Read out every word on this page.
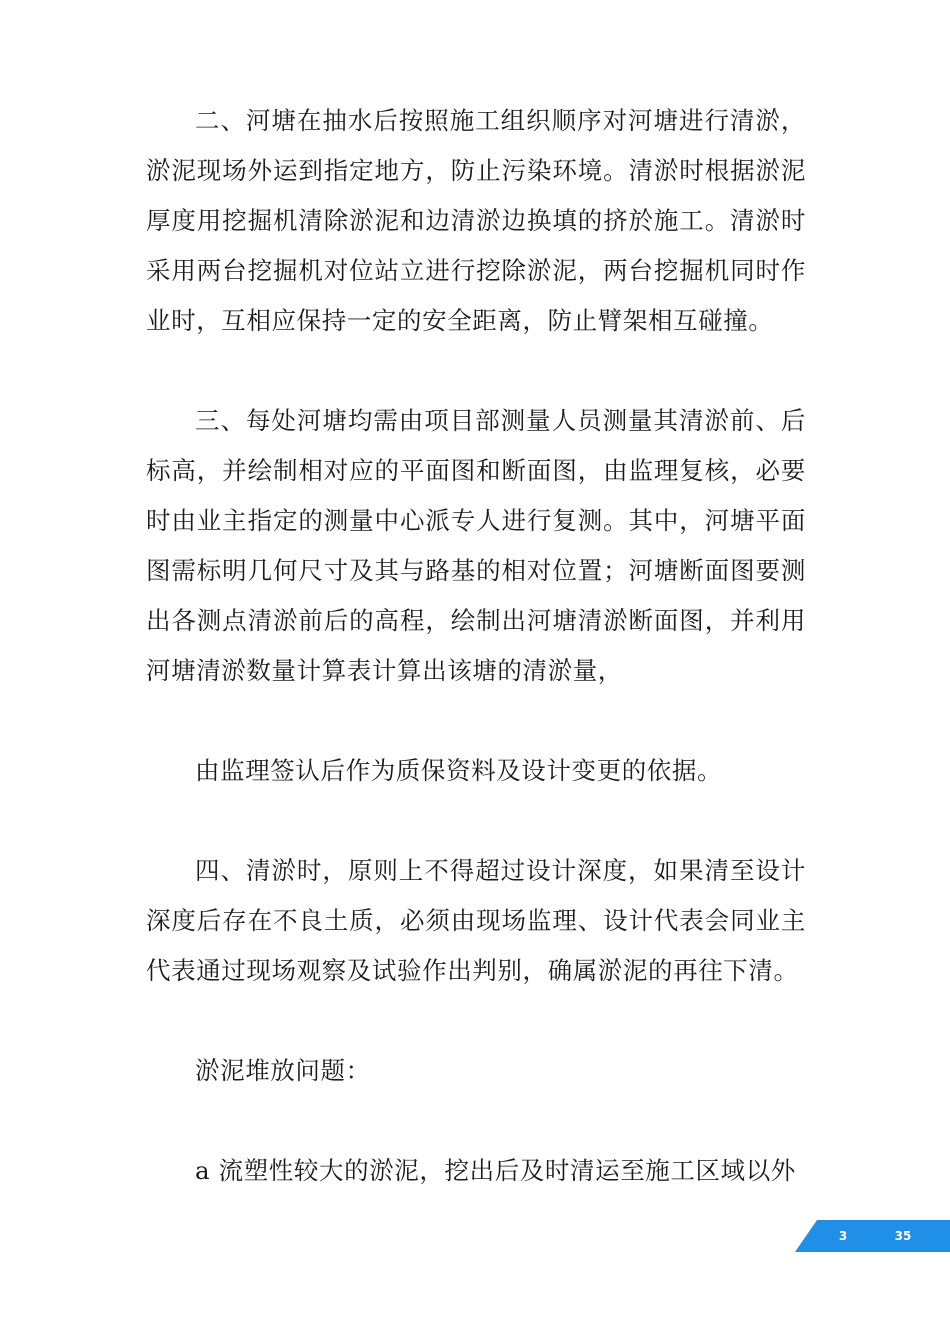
二、河塘在抽水后按照施工组织顺序对河塘进行清淤，淤泥现场外运到指定地方，防止污染环境。清淤时根据淤泥厚度用挖掘机清除淤泥和边清淤边换填的挤於施工。清淤时采用两台挖掘机对位站立进行挖除淤泥，两台挖掘机同时作业时，互相应保持一定的安全距离，防止臂架相互碰撞。

三、每处河塘均需由项目部测量人员测量其清淤前、后标高，并绘制相对应的平面图和断面图，由监理复核，必要时由业主指定的测量中心派专人进行复测。其中，河塘平面图需标明几何尺寸及其与路基的相对位置；河塘断面图要测出各测点清淤前后的高程，绘制出河塘清淤断面图，并利用河塘清淤数量计算表计算出该塘的清淤量，

由监理签认后作为质保资料及设计变更的依据。

四、清淤时，原则上不得超过设计深度，如果清至设计深度后存在不良土质，必须由现场监理、设计代表会同业主代表通过现场观察及试验作出判别，确属淤泥的再往下清。

淤泥堆放问题：

a 流塑性较大的淤泥，挖出后及时清运至施工区域以外

3	35
